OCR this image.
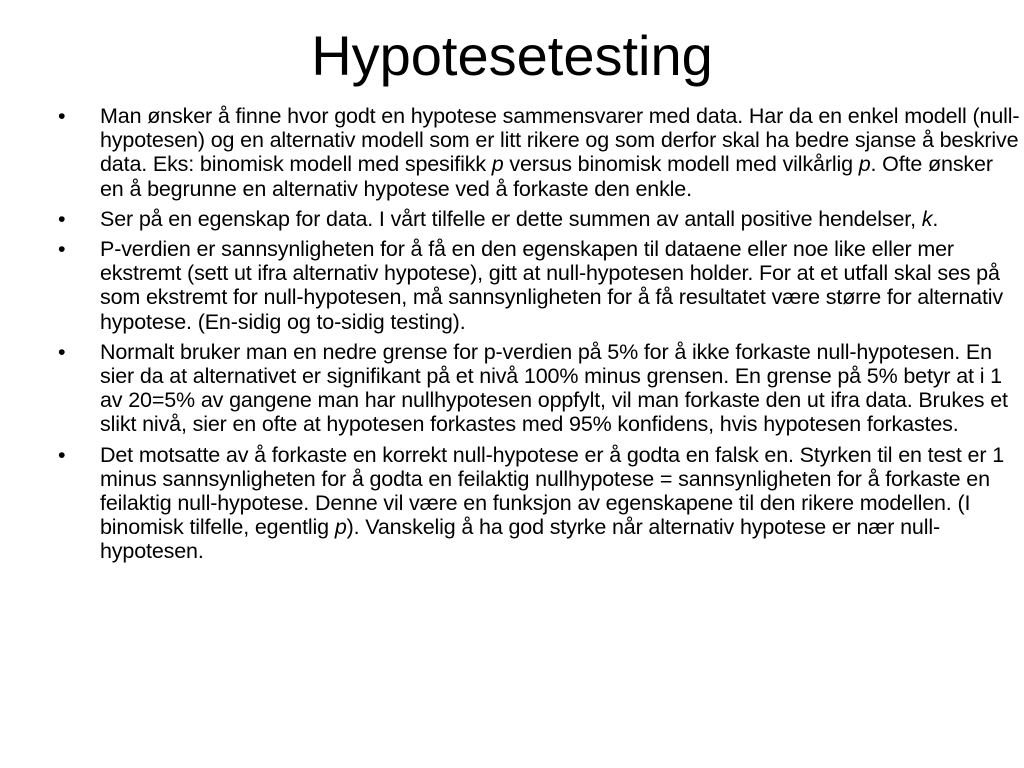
Hypotesetesting
• Man ønsker å finne hvor godt en hypotese sammensvarer med data. Har da en enkel modell (null-hypotesen) og en alternativ modell som er litt rikere og som derfor skal ha bedre sjanse å beskrive data. Eks: binomisk modell med spesifikk p versus binomisk modell med vilkårlig p. Ofte ønsker en å begrunne en alternativ hypotese ved å forkaste den enkle.
• Ser på en egenskap for data. I vårt tilfelle er dette summen av antall positive hendelser, k.
• P-verdien er sannsynligheten for å få en den egenskapen til dataene eller noe like eller mer ekstremt (sett ut ifra alternativ hypotese), gitt at null-hypotesen holder. For at et utfall skal ses på som ekstremt for null-hypotesen, må sannsynligheten for å få resultatet være større for alternativ hypotese. (En-sidig og to-sidig testing).
• Normalt bruker man en nedre grense for p-verdien på 5% for å ikke forkaste null-hypotesen. En sier da at alternativet er signifikant på et nivå 100% minus grensen. En grense på 5% betyr at i 1 av 20=5% av gangene man har nullhypotesen oppfylt, vil man forkaste den ut ifra data. Brukes et slikt nivå, sier en ofte at hypotesen forkastes med 95% konfidens, hvis hypotesen forkastes.
• Det motsatte av å forkaste en korrekt null-hypotese er å godta en falsk en. Styrken til en test er 1 minus sannsynligheten for å godta en feilaktig nullhypotese = sannsynligheten for å forkaste en feilaktig null-hypotese. Denne vil være en funksjon av egenskapene til den rikere modellen. (I binomisk tilfelle, egentlig p). Vanskelig å ha god styrke når alternativ hypotese er nær null-hypotesen.
